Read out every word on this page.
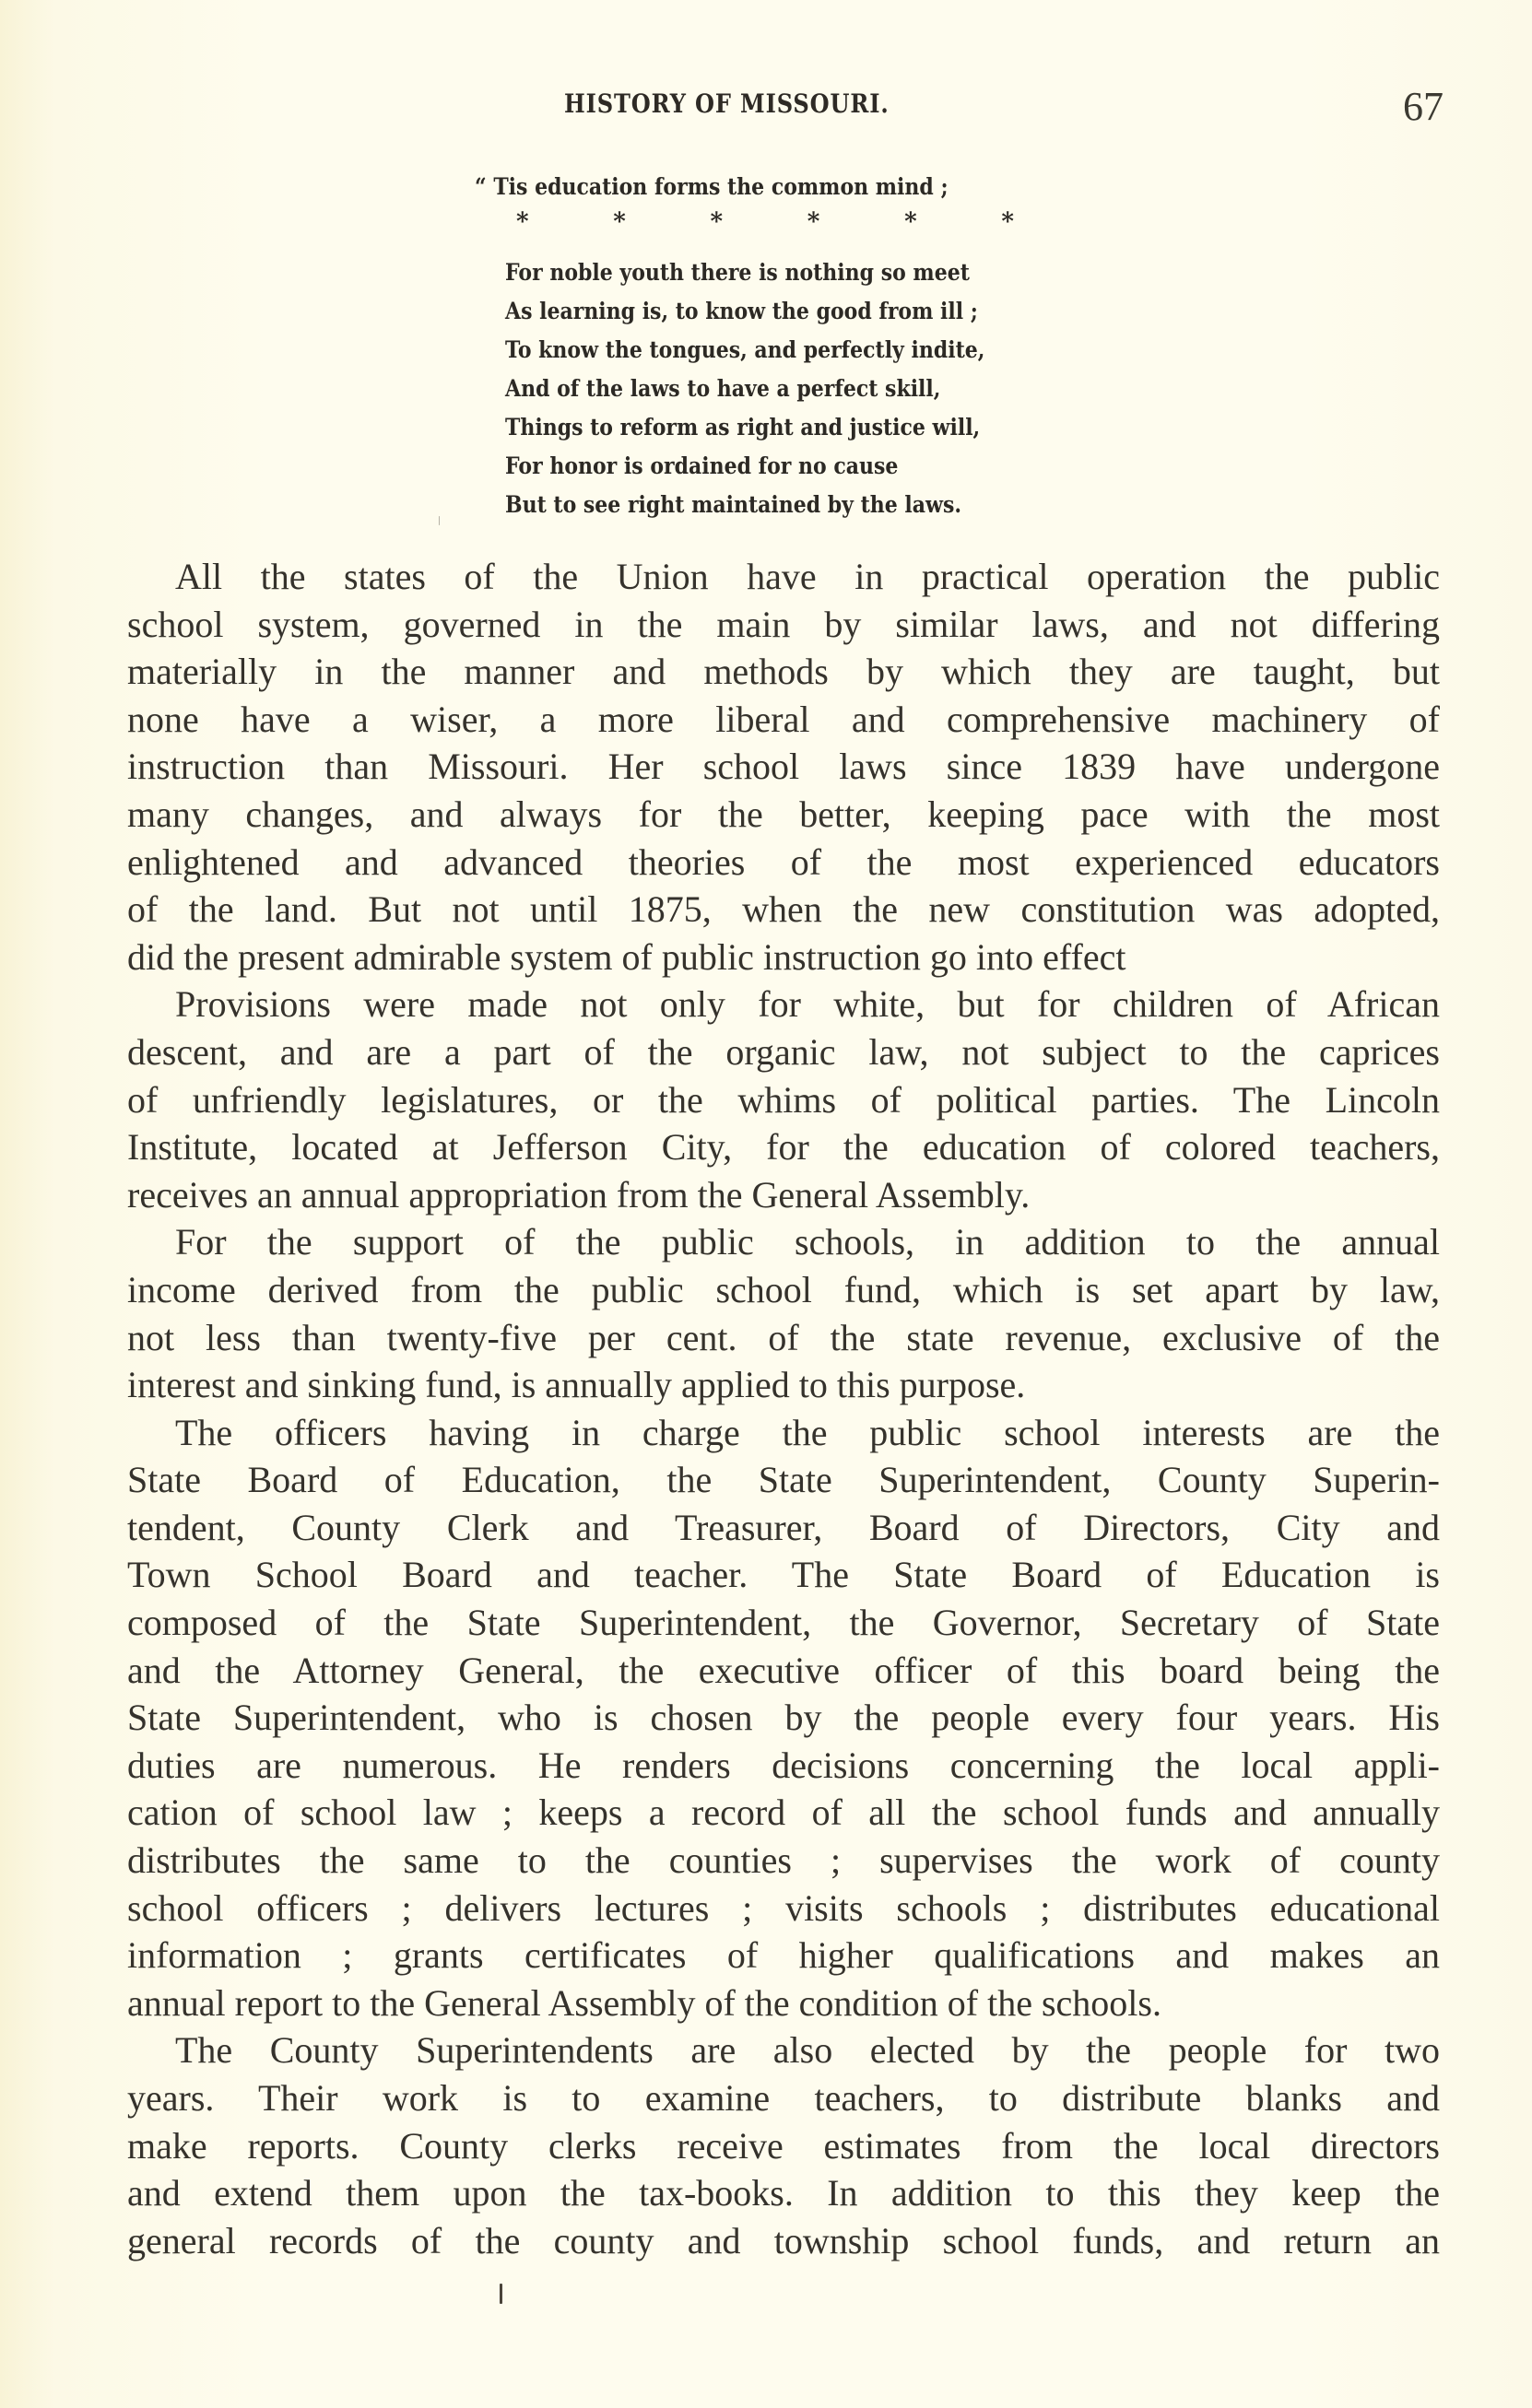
HISTORY OF MISSOURI.	67
“ Tis education forms the common mind ;
*	*	*	*	*	*
For noble youth there is nothing so meet
As learning is, to know the good from ill ;
To know the tongues, and perfectly indite,
And of the laws to have a perfect skill,
Things to reform as right and justice will,
For honor is ordained for no cause
But to see right maintained by the laws.
All the states of the Union have in practical operation the public
school system, governed in the main by similar laws, and not differing
materially in the manner and methods by which they are taught, but
none have a wiser, a more liberal and comprehensive machinery of
instruction than Missouri. Her school laws since 1839 have undergone
many changes, and always for the better, keeping pace with the most
enlightened and advanced theories of the most experienced educators
of the land. But not until 1875, when the new constitution was adopted,
did the present admirable system of public instruction go into effect
Provisions were made not only for white, but for children of African
descent, and are a part of the organic law, not subject to the caprices
of unfriendly legislatures, or the whims of political parties. The Lincoln
Institute, located at Jefferson City, for the education of colored teachers,
receives an annual appropriation from the General Assembly.
For the support of the public schools, in addition to the annual
income derived from the public school fund, which is set apart by law,
not less than twenty-five per cent. of the state revenue, exclusive of the
interest and sinking fund, is annually applied to this purpose.
The officers having in charge the public school interests are the
State Board of Education, the State Superintendent, County Superin-
tendent, County Clerk and Treasurer, Board of Directors, City and
Town School Board and teacher. The State Board of Education is
composed of the State Superintendent, the Governor, Secretary of State
and the Attorney General, the executive officer of this board being the
State Superintendent, who is chosen by the people every four years. His
duties are numerous. He renders decisions concerning the local appli-
cation of school law ; keeps a record of all the school funds and annually
distributes the same to the counties ; supervises the work of county
school officers ; delivers lectures ; visits schools ; distributes educational
information ; grants certificates of higher qualifications and makes an
annual report to the General Assembly of the condition of the schools.
The County Superintendents are also elected by the people for two
years. Their work is to examine teachers, to distribute blanks and
make reports. County clerks receive estimates from the local directors
and extend them upon the tax-books. In addition to this they keep the
general records of the county and township school funds, and return an
